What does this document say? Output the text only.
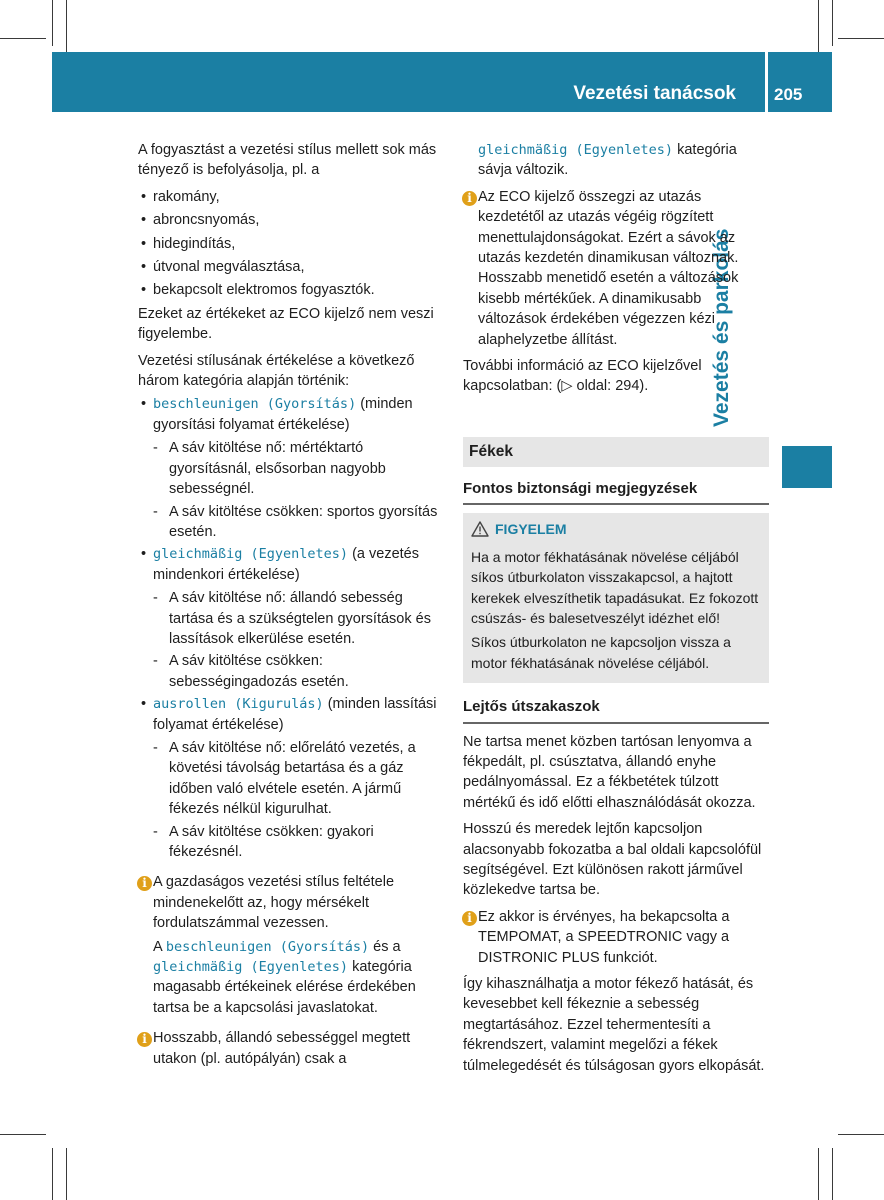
Vezetési tanácsok 205
Vezetés és parkolás

A fogyasztást a vezetési stílus mellett sok más tényező is befolyásolja, pl. a

• rakomány,
• abroncsnyomás,
• hidegindítás,
• útvonal megválasztása,
• bekapcsolt elektromos fogyasztók.

Ezeket az értékeket az ECO kijelző nem veszi figyelembe.

Vezetési stílusának értékelése a következő három kategória alapján történik:

• beschleunigen (Gyorsítás) (minden gyorsítási folyamat értékelése)
- A sáv kitöltése nő: mértéktartó gyorsításnál, elsősorban nagyobb sebességnél.
- A sáv kitöltése csökken: sportos gyorsítás esetén.
• gleichmäßig (Egyenletes) (a vezetés mindenkori értékelése)
- A sáv kitöltése nő: állandó sebesség tartása és a szükségtelen gyorsítások és lassítások elkerülése esetén.
- A sáv kitöltése csökken: sebességingadozás esetén.
• ausrollen (Kigurulás) (minden lassítási folyamat értékelése)
- A sáv kitöltése nő: előrelátó vezetés, a követési távolság betartása és a gáz időben való elvétele esetén. A jármű fékezés nélkül kigurulhat.
- A sáv kitöltése csökken: gyakori fékezésnél.
i A gazdaságos vezetési stílus feltétele mindenekelőtt az, hogy mérsékelt fordulatszámmal vezessen.
A beschleunigen (Gyorsítás) és a gleichmäßig (Egyenletes) kategória magasabb értékeinek elérése érdekében tartsa be a kapcsolási javaslatokat.
i Hosszabb, állandó sebességgel megtett utakon (pl. autópályán) csak a

gleichmäßig (Egyenletes) kategória sávja változik.

i Az ECO kijelző összegzi az utazás kezdetétől az utazás végéig rögzített menettulajdonságokat. Ezért a sávok az utazás kezdetén dinamikusan változnak. Hosszabb menetidő esetén a változások kisebb mértékűek. A dinamikusabb változások érdekében végezzen kézi alaphelyzetbe állítást.

További információ az ECO kijelzővel kapcsolatban: (▷ oldal: 294).

Fékek
Fontos biztonsági megjegyzések
FIGYELEM

Ha a motor fékhatásának növelése céljából síkos útburkolaton visszakapcsol, a hajtott kerekek elveszíthetik tapadásukat. Ez fokozott csúszás- és balesetveszélyt idézhet elő!

Síkos útburkolaton ne kapcsoljon vissza a motor fékhatásának növelése céljából.

Lejtős útszakaszok

Ne tartsa menet közben tartósan lenyomva a fékpedált, pl. csúsztatva, állandó enyhe pedálnyomással. Ez a fékbetétek túlzott mértékű és idő előtti elhasználódását okozza.

Hosszú és meredek lejtőn kapcsoljon alacsonyabb fokozatba a bal oldali kapcsolófül segítségével. Ezt különösen rakott járművel közlekedve tartsa be.

i Ez akkor is érvényes, ha bekapcsolta a TEMPOMAT, a SPEEDTRONIC vagy a DISTRONIC PLUS funkciót.

Így kihasználhatja a motor fékező hatását, és kevesebbet kell fékeznie a sebesség megtartásához. Ezzel tehermentesíti a fékrendszert, valamint megelőzi a fékek túlmelegedését és túlságosan gyors elkopását.
